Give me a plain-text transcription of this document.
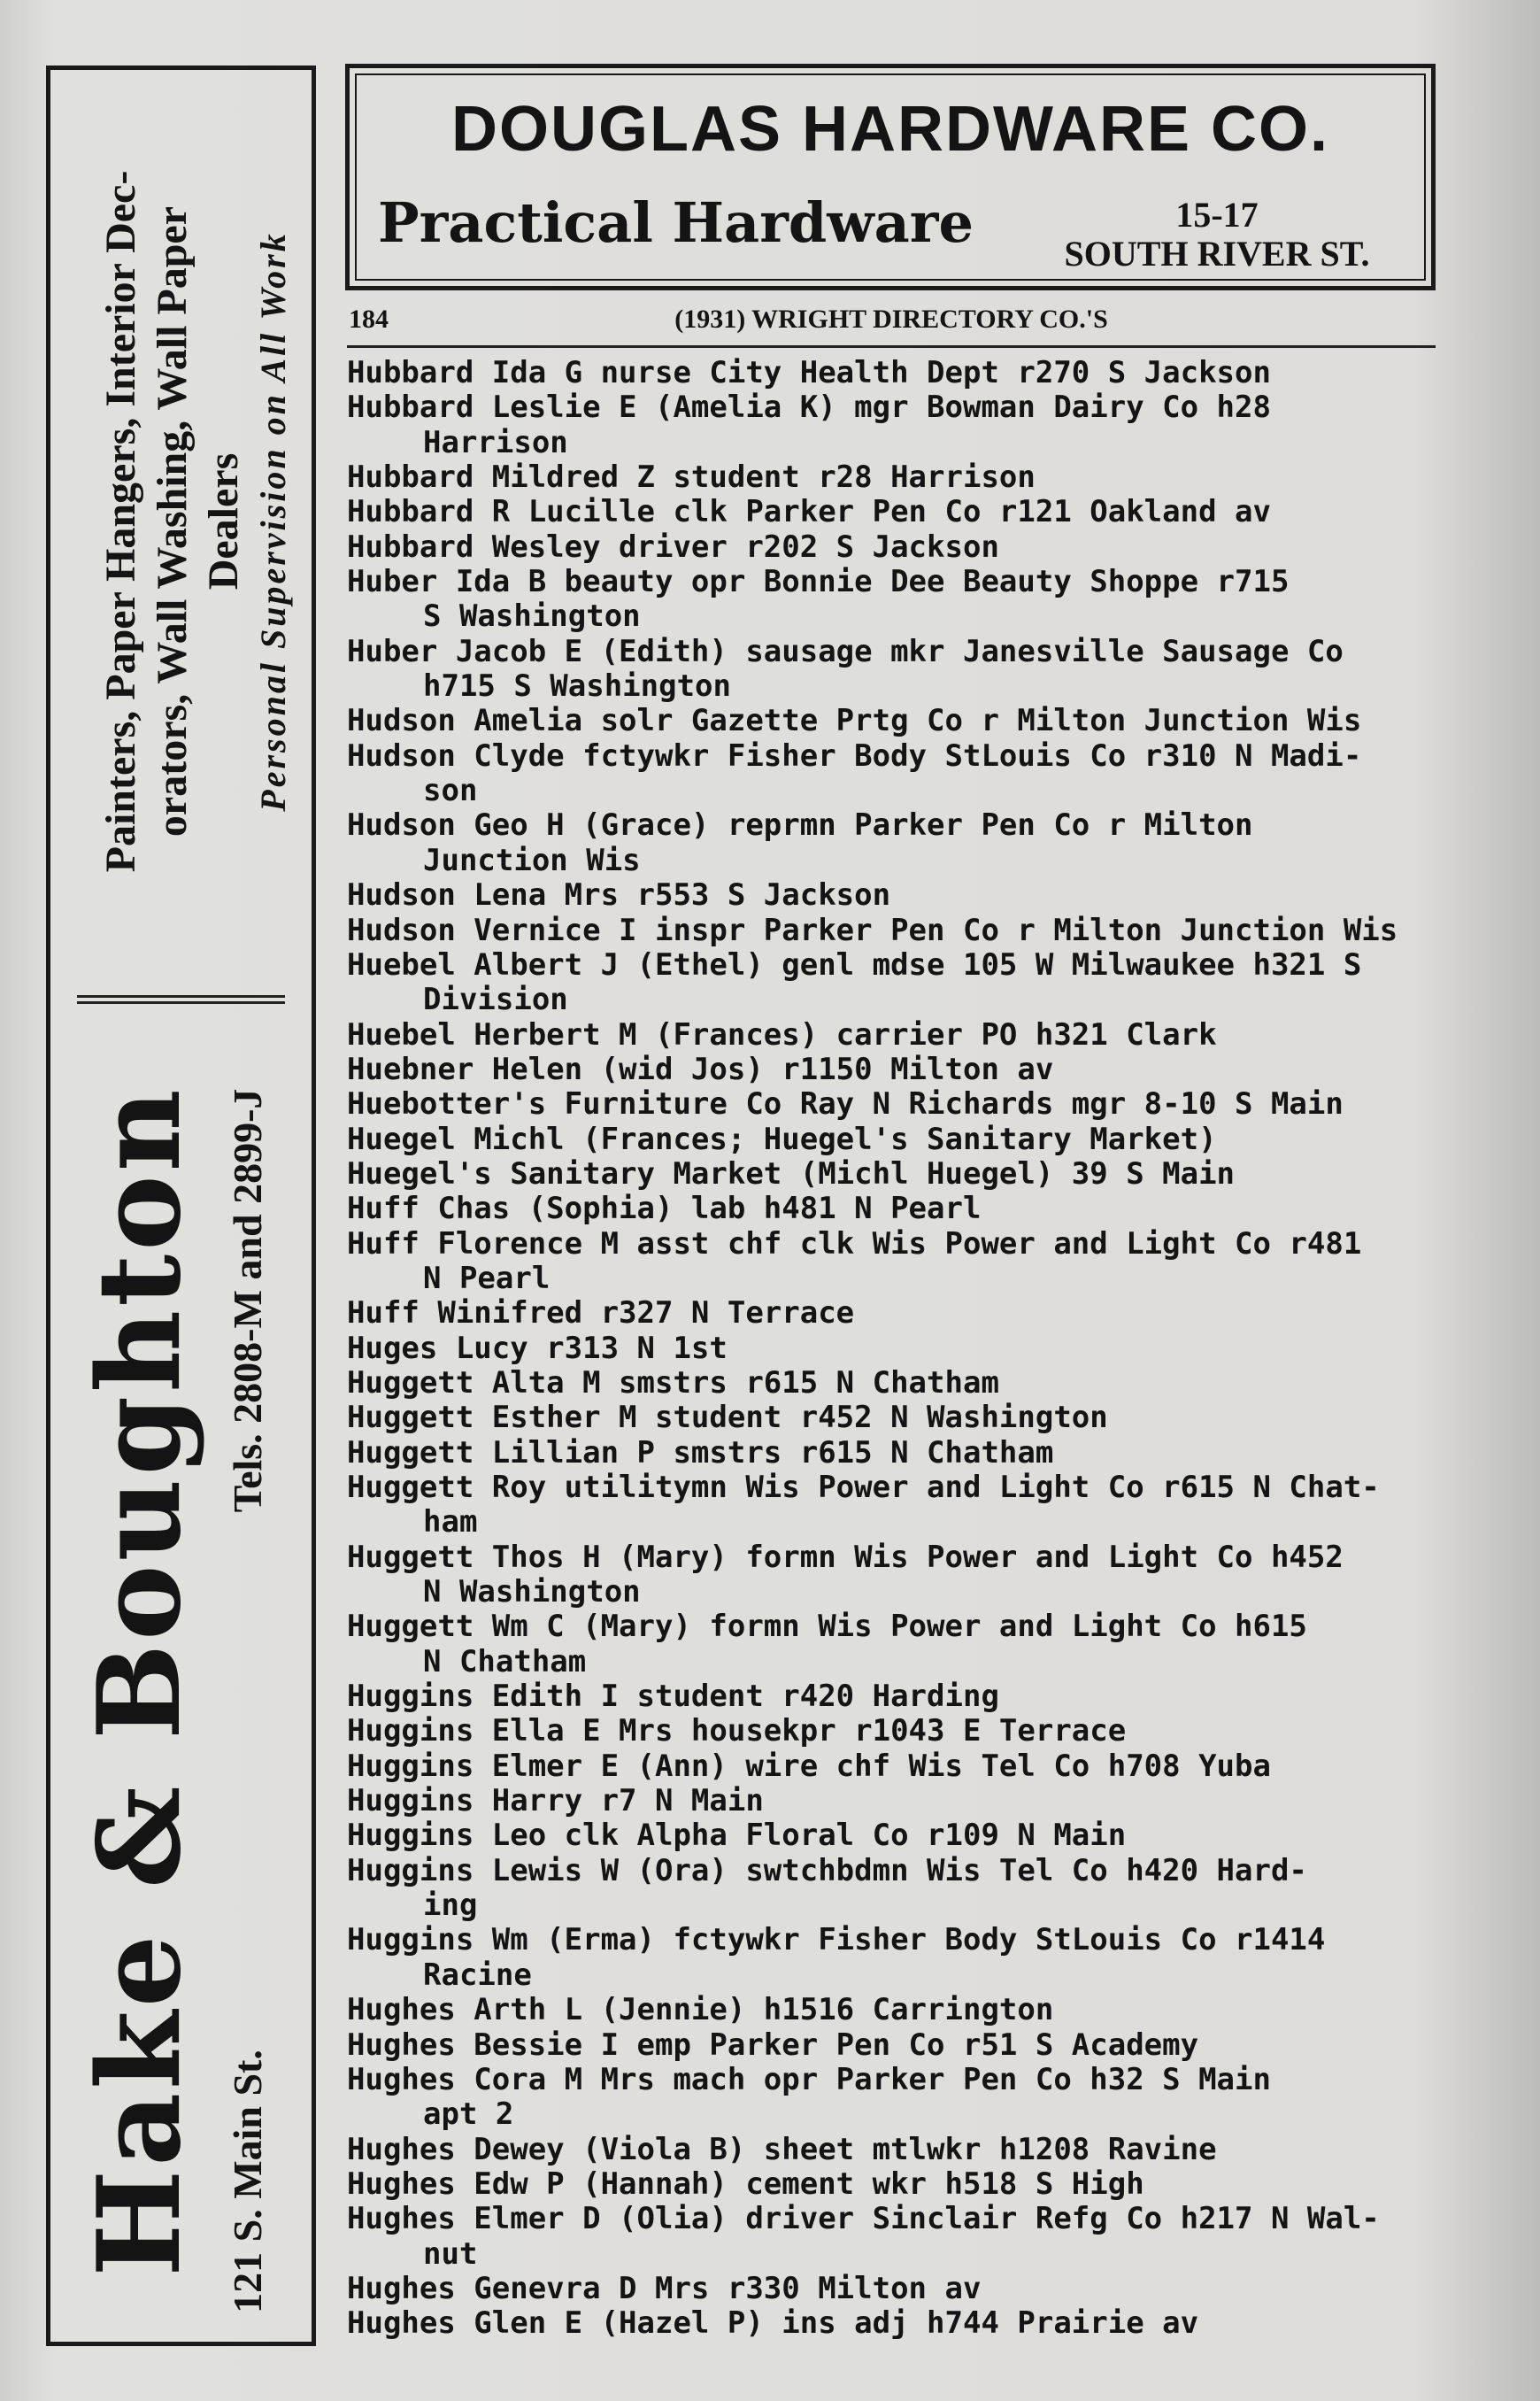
Painters, Paper Hangers, Interior Dec- orators, Wall Washing, Wall Paper Dealers Personal Supervision on All Work
Hake & Boughton Tels. 2808-M and 2899-J
121 S. Main St.
DOUGLAS HARDWARE CO.
Practical Hardware	15-17
SOUTH RIVER ST.
184	(1931) WRIGHT DIRECTORY CO.'S
Hubbard Ida G nurse City Health Dept r270 S Jackson
Hubbard Leslie E (Amelia K) mgr Bowman Dairy Co h28
Harrison
Hubbard Mildred Z student r28 Harrison
Hubbard R Lucille clk Parker Pen Co r121 Oakland av
Hubbard Wesley driver r202 S Jackson
Huber Ida B beauty opr Bonnie Dee Beauty Shoppe r715
S Washington
Huber Jacob E (Edith) sausage mkr Janesville Sausage Co
h715 S Washington
Hudson Amelia solr Gazette Prtg Co r Milton Junction Wis
Hudson Clyde fctywkr Fisher Body StLouis Co r310 N Madi-
son
Hudson Geo H (Grace) reprmn Parker Pen Co r Milton
Junction Wis
Hudson Lena Mrs r553 S Jackson
Hudson Vernice I inspr Parker Pen Co r Milton Junction Wis
Huebel Albert J (Ethel) genl mdse 105 W Milwaukee h321 S
Division
Huebel Herbert M (Frances) carrier PO h321 Clark
Huebner Helen (wid Jos) r1150 Milton av
Huebotter's Furniture Co Ray N Richards mgr 8-10 S Main
Huegel Michl (Frances; Huegel's Sanitary Market)
Huegel's Sanitary Market (Michl Huegel) 39 S Main
Huff Chas (Sophia) lab h481 N Pearl
Huff Florence M asst chf clk Wis Power and Light Co r481
N Pearl
Huff Winifred r327 N Terrace
Huges Lucy r313 N 1st
Huggett Alta M smstrs r615 N Chatham
Huggett Esther M student r452 N Washington
Huggett Lillian P smstrs r615 N Chatham
Huggett Roy utilitymn Wis Power and Light Co r615 N Chat-
ham
Huggett Thos H (Mary) formn Wis Power and Light Co h452
N Washington
Huggett Wm C (Mary) formn Wis Power and Light Co h615
N Chatham
Huggins Edith I student r420 Harding
Huggins Ella E Mrs housekpr r1043 E Terrace
Huggins Elmer E (Ann) wire chf Wis Tel Co h708 Yuba
Huggins Harry r7 N Main
Huggins Leo clk Alpha Floral Co r109 N Main
Huggins Lewis W (Ora) swtchbdmn Wis Tel Co h420 Hard-
ing
Huggins Wm (Erma) fctywkr Fisher Body StLouis Co r1414
Racine
Hughes Arth L (Jennie) h1516 Carrington
Hughes Bessie I emp Parker Pen Co r51 S Academy
Hughes Cora M Mrs mach opr Parker Pen Co h32 S Main
apt 2
Hughes Dewey (Viola B) sheet mtlwkr h1208 Ravine
Hughes Edw P (Hannah) cement wkr h518 S High
Hughes Elmer D (Olia) driver Sinclair Refg Co h217 N Wal-
nut
Hughes Genevra D Mrs r330 Milton av
Hughes Glen E (Hazel P) ins adj h744 Prairie av
